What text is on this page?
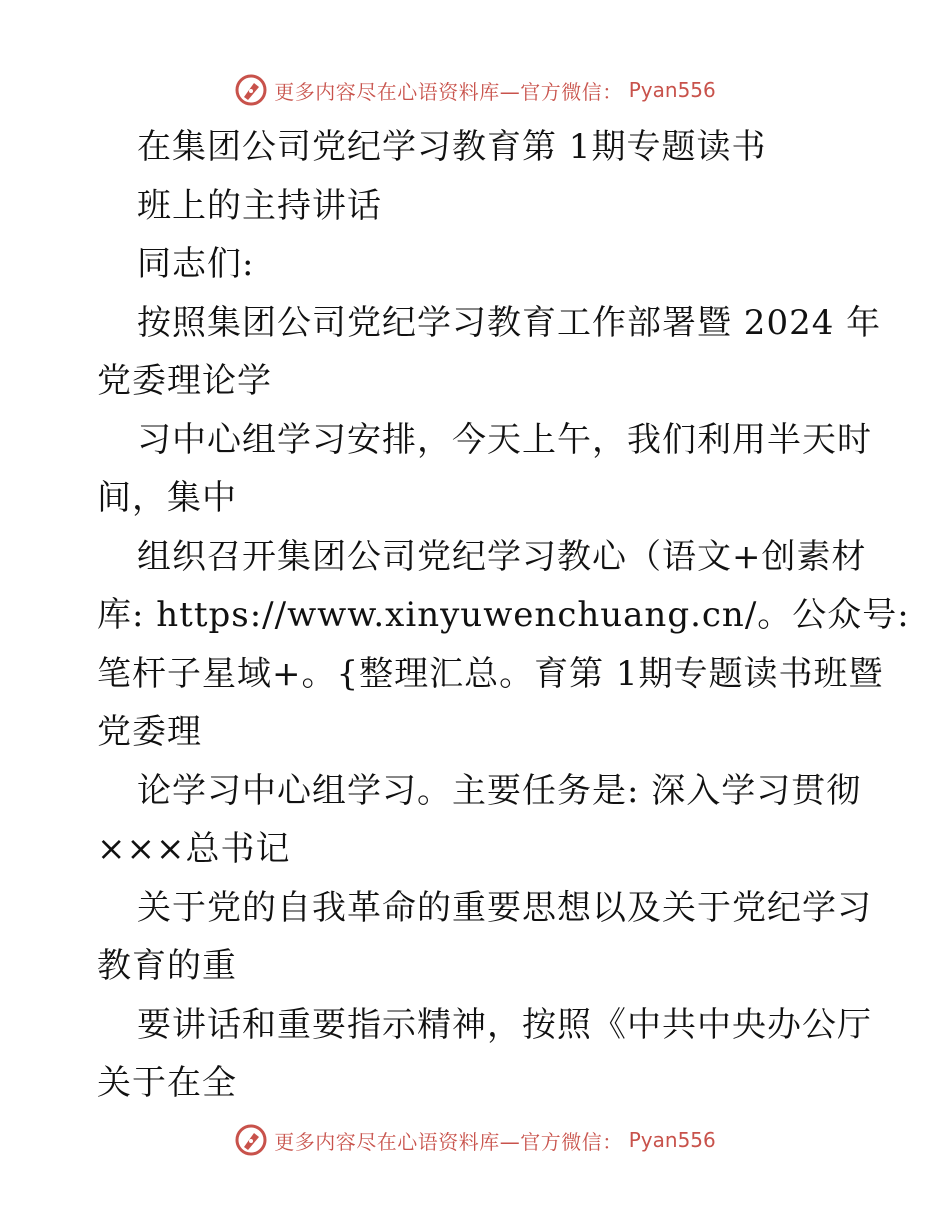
更多内容尽在心语资料库—官方微信： Pyan556
在集团公司党纪学习教育第 1期专题读书
班上的主持讲话
同志们:
按照集团公司党纪学习教育工作部署暨 2024 年
党委理论学
习中心组学习安排，今天上午，我们利用半天时
间，集中
组织召开集团公司党纪学习教心（语文+创素材
库: https://www.xinyuwenchuang.cn/。公众号:
笔杆子星域+。{整理汇总。育第 1期专题读书班暨
党委理
论学习中心组学习。主要任务是: 深入学习贯彻
×××总书记
关于党的自我革命的重要思想以及关于党纪学习
教育的重
要讲话和重要指示精神，按照《中共中央办公厅
关于在全
更多内容尽在心语资料库—官方微信： Pyan556
